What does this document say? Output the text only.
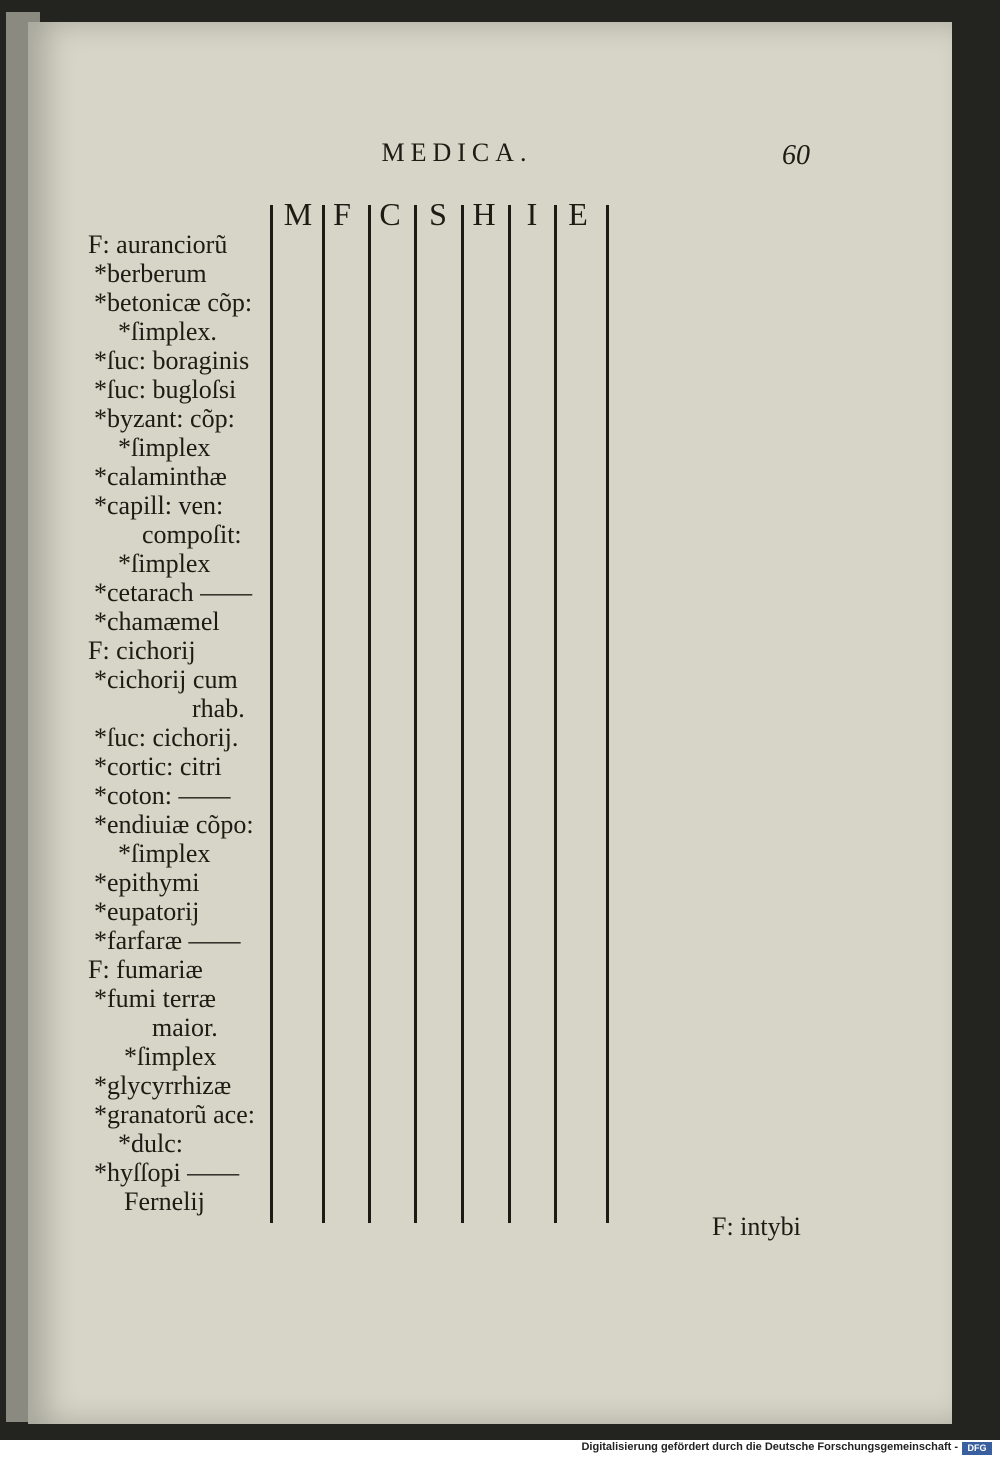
MEDICA.	60
M F C S H I E
F: auranciorũ
*berberum
*betonicæ cõp:
*ſimplex.
*ſuc: boraginis
*ſuc: bugloſsi
*byzant: cõp:
*ſimplex
*calaminthæ
*capill: ven:
compoſit:
*ſimplex
*cetarach ——
*chamæmel
F: cichorij
*cichorij cum
rhab.
*ſuc: cichorij.
*cortic: citri
*coton: ——
*endiuiæ cõpo:
*ſimplex
*epithymi
*eupatorij
*farfaræ ——
F: fumariæ
*fumi terræ
maior.
*ſimplex
*glycyrrhizæ
*granatorũ ace:
*dulc:
*hyſſopi ——
Fernelij
F: intybi
Digitalisierung gefördert durch die Deutsche Forschungsgemeinschaft -	DFG
